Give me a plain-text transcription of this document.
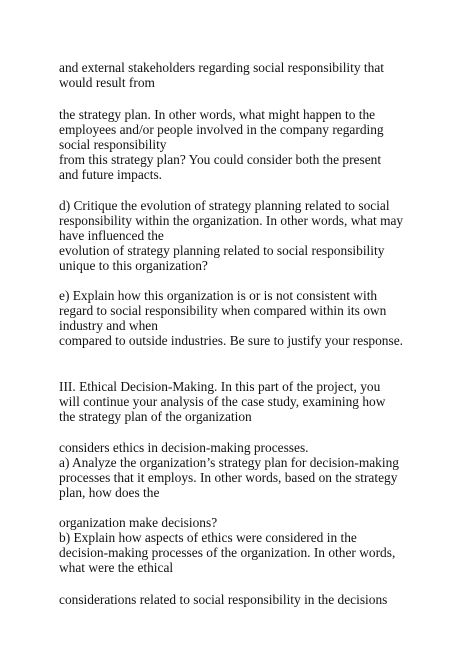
and external stakeholders regarding social responsibility that

would result from

the strategy plan. In other words, what might happen to the

employees and/or people involved in the company regarding

social responsibility

from this strategy plan? You could consider both the present

and future impacts.

d) Critique the evolution of strategy planning related to social

responsibility within the organization. In other words, what may

have influenced the

evolution of strategy planning related to social responsibility

unique to this organization?

e) Explain how this organization is or is not consistent with

regard to social responsibility when compared within its own

industry and when

compared to outside industries. Be sure to justify your response.

III. Ethical Decision-Making. In this part of the project, you

will continue your analysis of the case study, examining how

the strategy plan of the organization

considers ethics in decision-making processes.

a) Analyze the organization’s strategy plan for decision-making

processes that it employs. In other words, based on the strategy

plan, how does the

organization make decisions?

b) Explain how aspects of ethics were considered in the

decision-making processes of the organization. In other words,

what were the ethical

considerations related to social responsibility in the decisions
